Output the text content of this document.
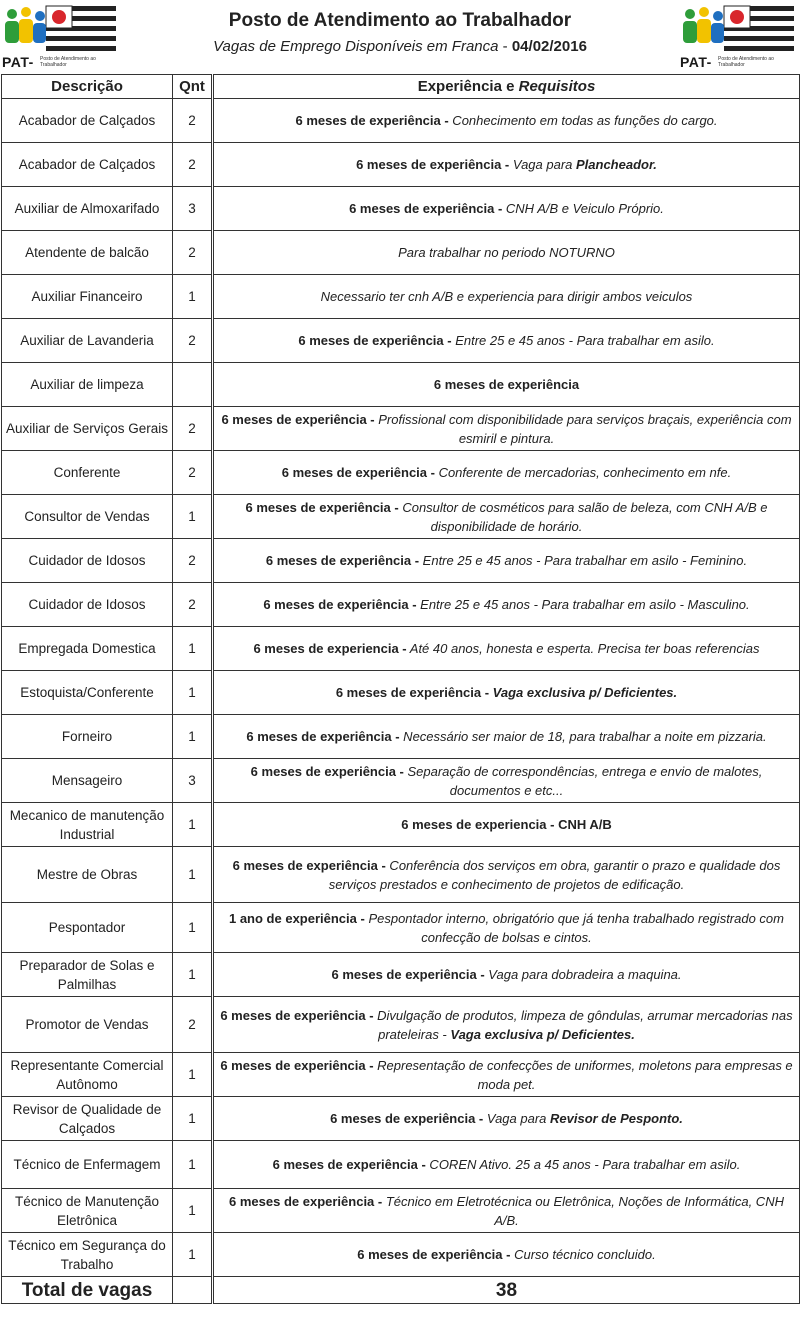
PAT- Posto de Atendimento ao Trabalhador
Posto de Atendimento ao Trabalhador
Vagas de Emprego Disponíveis em Franca - 04/02/2016
PAT- Posto de Atendimento ao Trabalhador
Descrição	Qnt	Experiência e Requisitos
Acabador de Calçados	2	6 meses de experiência - Conhecimento em todas as funções do cargo.
Acabador de Calçados	2	6 meses de experiência - Vaga para Plancheador.
Auxiliar de Almoxarifado	3	6 meses de experiência - CNH A/B e Veiculo Próprio.
Atendente de balcão	2	Para trabalhar no periodo NOTURNO
Auxiliar Financeiro	1	Necessario ter cnh A/B e experiencia para dirigir ambos veiculos
Auxiliar de Lavanderia	2	6 meses de experiência - Entre 25 e 45 anos - Para trabalhar em asilo.
Auxiliar de limpeza		6 meses de experiência
Auxiliar de Serviços Gerais	2	6 meses de experiência - Profissional com disponibilidade para serviços braçais, experiência com esmiril e pintura.
Conferente	2	6 meses de experiência - Conferente de mercadorias, conhecimento em nfe.
Consultor de Vendas	1	6 meses de experiência - Consultor de cosméticos para salão de beleza, com CNH A/B e disponibilidade de horário.
Cuidador de Idosos	2	6 meses de experiência - Entre 25 e 45 anos - Para trabalhar em asilo - Feminino.
Cuidador de Idosos	2	6 meses de experiência - Entre 25 e 45 anos - Para trabalhar em asilo - Masculino.
Empregada Domestica	1	6 meses de experiencia - Até 40 anos, honesta e esperta. Precisa ter boas referencias
Estoquista/Conferente	1	6 meses de experiência - Vaga exclusiva p/ Deficientes.
Forneiro	1	6 meses de experiência - Necessário ser maior de 18, para trabalhar a noite em pizzaria.
Mensageiro	3	6 meses de experiência - Separação de correspondências, entrega e envio de malotes, documentos e etc...
Mecanico de manutenção Industrial	1	6 meses de experiencia - CNH A/B
Mestre de Obras	1	6 meses de experiência - Conferência dos serviços em obra, garantir o prazo e qualidade dos serviços prestados e conhecimento de projetos de edificação.
Pespontador	1	1 ano de experiência - Pespontador interno, obrigatório que já tenha trabalhado registrado com confecção de bolsas e cintos.
Preparador de Solas e Palmilhas	1	6 meses de experiência - Vaga para dobradeira a maquina.
Promotor de Vendas	2	6 meses de experiência - Divulgação de produtos, limpeza de gôndulas, arrumar mercadorias nas prateleiras - Vaga exclusiva p/ Deficientes.
Representante Comercial Autônomo	1	6 meses de experiência - Representação de confecções de uniformes, moletons para empresas e moda pet.
Revisor de Qualidade de Calçados	1	6 meses de experiência - Vaga para Revisor de Pesponto.
Técnico de Enfermagem	1	6 meses de experiência - COREN Ativo. 25 a 45 anos - Para trabalhar em asilo.
Técnico de Manutenção Eletrônica	1	6 meses de experiência - Técnico em Eletrotécnica ou Eletrônica, Noções de Informática, CNH A/B.
Técnico em Segurança do Trabalho	1	6 meses de experiência - Curso técnico concluido.
Total de vagas		38
